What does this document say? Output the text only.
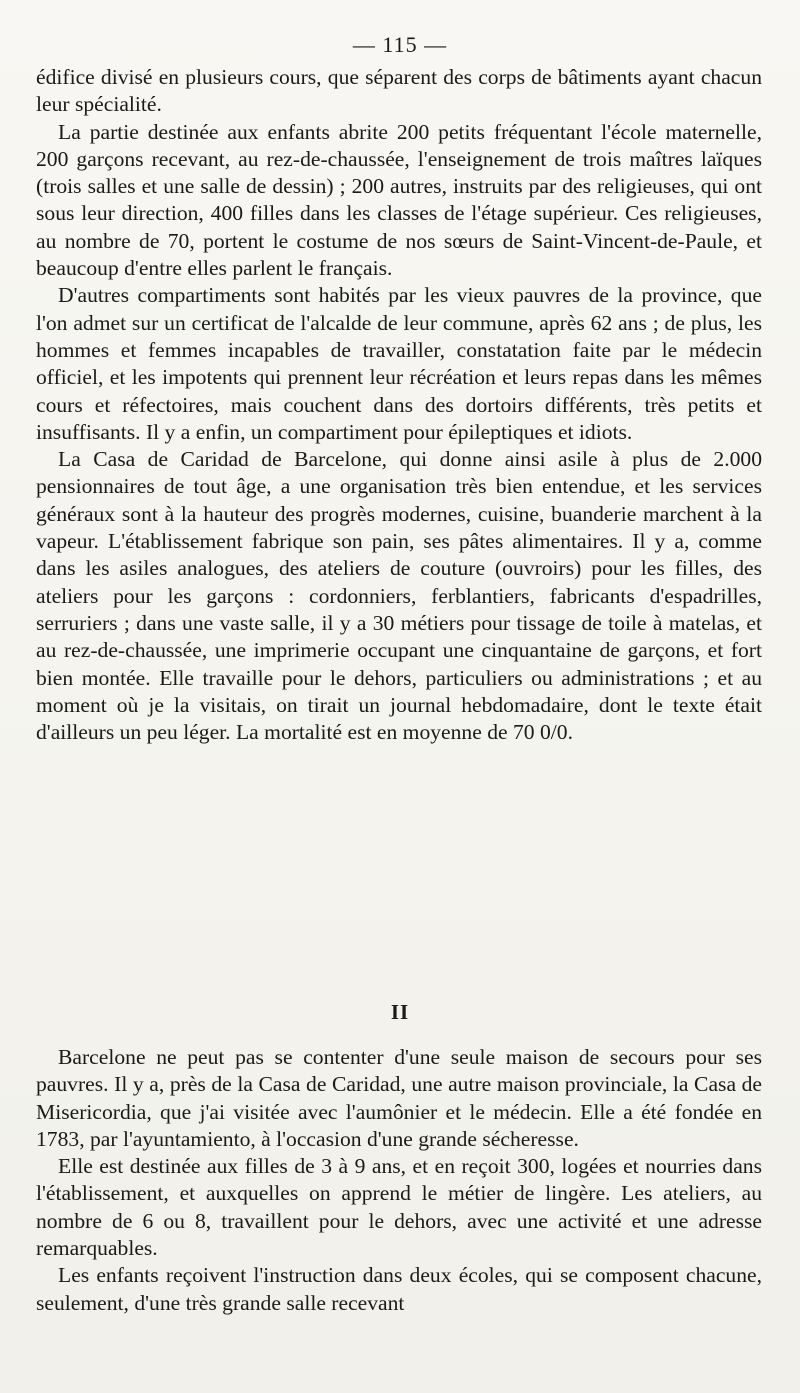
— 115 —

édifice divisé en plusieurs cours, que séparent des corps de bâtiments ayant chacun leur spécialité.

La partie destinée aux enfants abrite 200 petits fréquentant l'école maternelle, 200 garçons recevant, au rez-de-chaussée, l'enseignement de trois maîtres laïques (trois salles et une salle de dessin) ; 200 autres, instruits par des religieuses, qui ont sous leur direction, 400 filles dans les classes de l'étage supérieur. Ces religieuses, au nombre de 70, portent le costume de nos sœurs de Saint-Vincent-de-Paule, et beaucoup d'entre elles parlent le français.

D'autres compartiments sont habités par les vieux pauvres de la province, que l'on admet sur un certificat de l'alcalde de leur commune, après 62 ans ; de plus, les hommes et femmes incapables de travailler, constatation faite par le médecin officiel, et les impotents qui prennent leur récréation et leurs repas dans les mêmes cours et réfectoires, mais couchent dans des dortoirs différents, très petits et insuffisants. Il y a enfin, un compartiment pour épileptiques et idiots.

La Casa de Caridad de Barcelone, qui donne ainsi asile à plus de 2.000 pensionnaires de tout âge, a une organisation très bien entendue, et les services généraux sont à la hauteur des progrès modernes, cuisine, buanderie marchent à la vapeur. L'établissement fabrique son pain, ses pâtes alimentaires. Il y a, comme dans les asiles analogues, des ateliers de couture (ouvroirs) pour les filles, des ateliers pour les garçons : cordonniers, ferblantiers, fabricants d'espadrilles, serruriers ; dans une vaste salle, il y a 30 métiers pour tissage de toile à matelas, et au rez-de-chaussée, une imprimerie occupant une cinquantaine de garçons, et fort bien montée. Elle travaille pour le dehors, particuliers ou administrations ; et au moment où je la visitais, on tirait un journal hebdomadaire, dont le texte était d'ailleurs un peu léger. La mortalité est en moyenne de 70 0/0.

II

Barcelone ne peut pas se contenter d'une seule maison de secours pour ses pauvres. Il y a, près de la Casa de Caridad, une autre maison provinciale, la Casa de Misericordia, que j'ai visitée avec l'aumônier et le médecin. Elle a été fondée en 1783, par l'ayuntamiento, à l'occasion d'une grande sécheresse.

Elle est destinée aux filles de 3 à 9 ans, et en reçoit 300, logées et nourries dans l'établissement, et auxquelles on apprend le métier de lingère. Les ateliers, au nombre de 6 ou 8, travaillent pour le dehors, avec une activité et une adresse remarquables.

Les enfants reçoivent l'instruction dans deux écoles, qui se composent chacune, seulement, d'une très grande salle recevant
